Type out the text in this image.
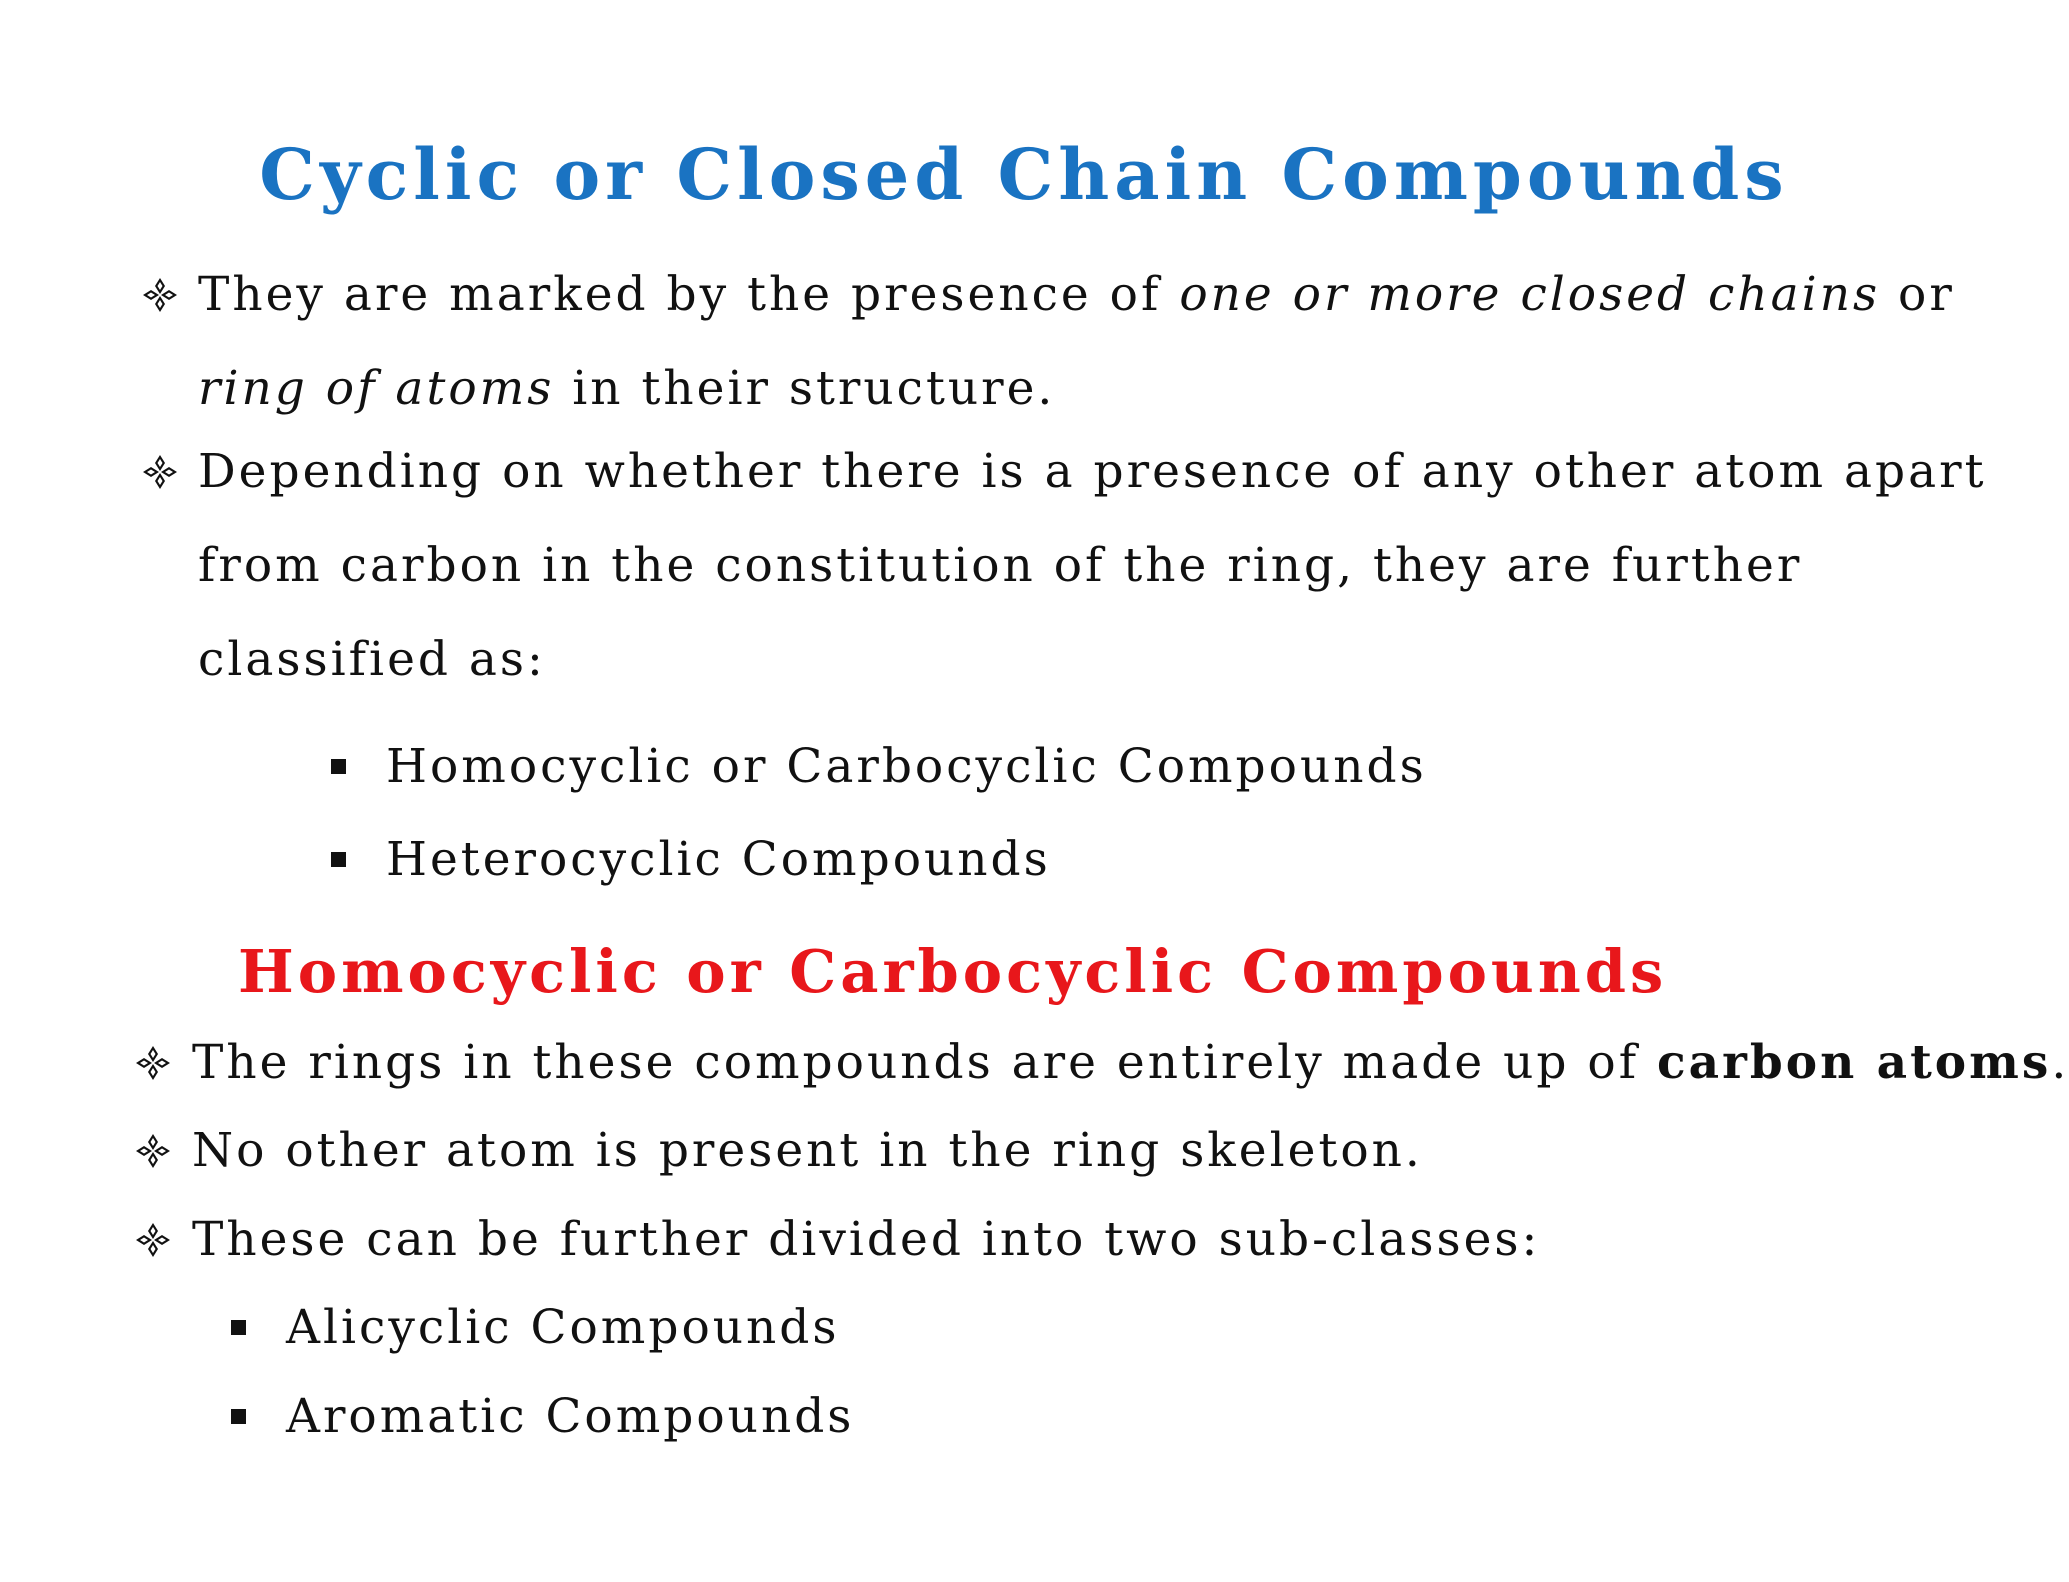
Cyclic or Closed Chain Compounds
They are marked by the presence of one or more closed chains or
ring of atoms in their structure.
Depending on whether there is a presence of any other atom apart
from carbon in the constitution of the ring, they are further
classified as:
Homocyclic or Carbocyclic Compounds
Heterocyclic Compounds
Homocyclic or Carbocyclic Compounds
The rings in these compounds are entirely made up of carbon atoms.
No other atom is present in the ring skeleton.
These can be further divided into two sub-classes:
Alicyclic Compounds
Aromatic Compounds
